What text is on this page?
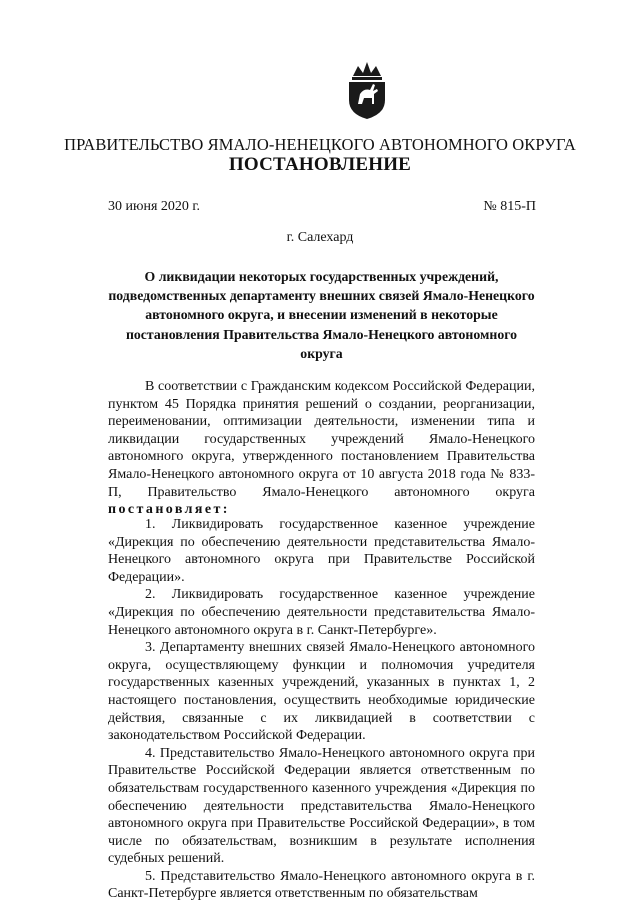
ПРАВИТЕЛЬСТВО ЯМАЛО-НЕНЕЦКОГО АВТОНОМНОГО ОКРУГА
ПОСТАНОВЛЕНИЕ
30 июня 2020 г.	№ 815-П
г. Салехард
О ликвидации некоторых государственных учреждений, подведомственных департаменту внешних связей Ямало-Ненецкого автономного округа, и внесении изменений в некоторые постановления Правительства Ямало-Ненецкого автономного округа

В соответствии с Гражданским кодексом Российской Федерации, пунктом 45 Порядка принятия решений о создании, реорганизации, переименовании, оптимизации деятельности, изменении типа и ликвидации государственных учреждений Ямало-Ненецкого автономного округа, утвержденного постановлением Правительства Ямало-Ненецкого автономного округа от 10 августа 2018 года № 833-П, Правительство Ямало-Ненецкого автономного округа постановляет:

1. Ликвидировать государственное казенное учреждение «Дирекция по обеспечению деятельности представительства Ямало-Ненецкого автономного округа при Правительстве Российской Федерации».

2. Ликвидировать государственное казенное учреждение «Дирекция по обеспечению деятельности представительства Ямало-Ненецкого автономного округа в г. Санкт-Петербурге».

3. Департаменту внешних связей Ямало-Ненецкого автономного округа, осуществляющему функции и полномочия учредителя государственных казенных учреждений, указанных в пунктах 1, 2 настоящего постановления, осуществить необходимые юридические действия, связанные с их ликвидацией в соответствии с законодательством Российской Федерации.

4. Представительство Ямало-Ненецкого автономного округа при Правительстве Российской Федерации является ответственным по обязательствам государственного казенного учреждения «Дирекция по обеспечению деятельности представительства Ямало-Ненецкого автономного округа при Правительстве Российской Федерации», в том числе по обязательствам, возникшим в результате исполнения судебных решений.

5. Представительство Ямало-Ненецкого автономного округа в г. Санкт-Петербурге является ответственным по обязательствам
